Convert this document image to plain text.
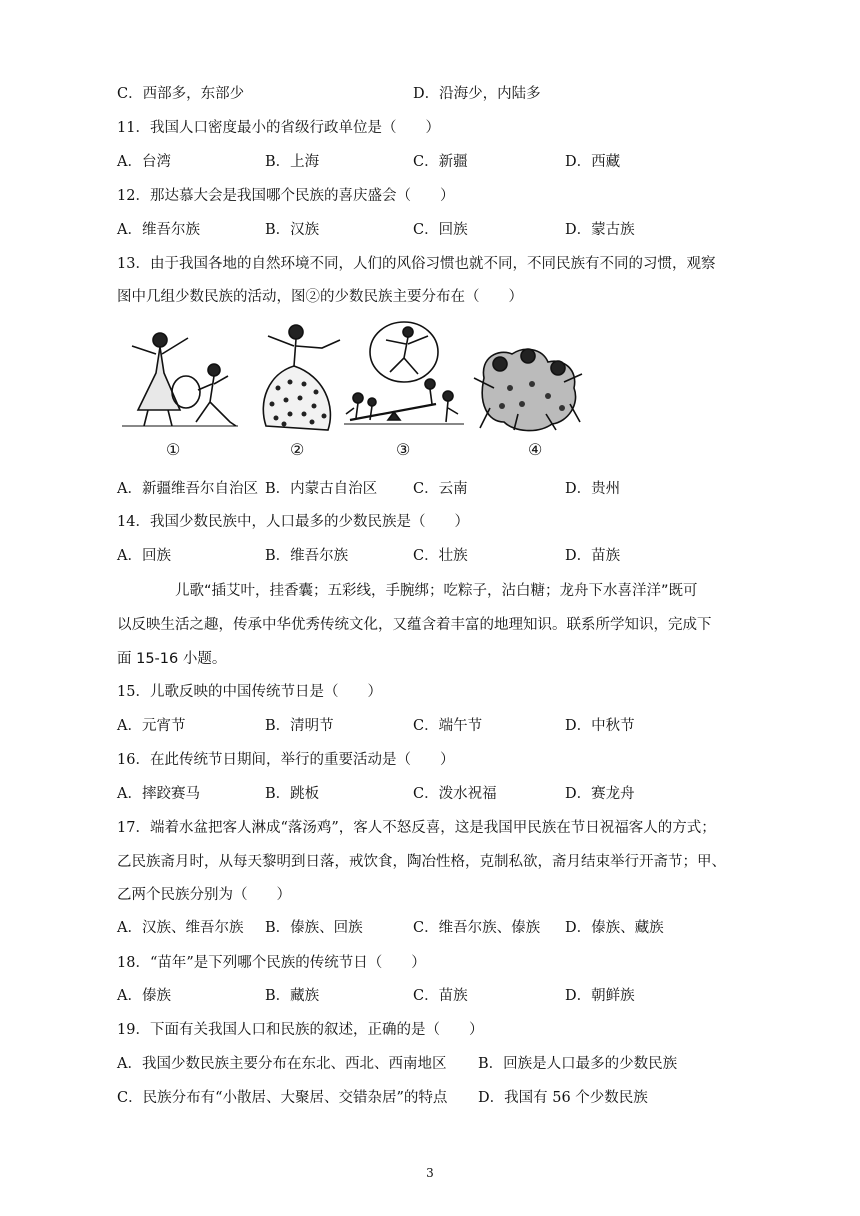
C．西部多，东部少	D．沿海少，内陆多
11．我国人口密度最小的省级行政单位是（　　）
A．台湾	B．上海	C．新疆	D．西藏
12．那达慕大会是我国哪个民族的喜庆盛会（　　）
A．维吾尔族	B．汉族	C．回族	D．蒙古族
13．由于我国各地的自然环境不同，人们的风俗习惯也就不同，不同民族有不同的习惯，观察
图中几组少数民族的活动，图②的少数民族主要分布在（　　）
①	②	③	④
A．新疆维吾尔自治区 B．内蒙古自治区 C．云南	D．贵州
14．我国少数民族中，人口最多的少数民族是（　　）
A．回族	B．维吾尔族	C．壮族	D．苗族
儿歌“插艾叶，挂香囊；五彩线，手腕绑；吃粽子，沾白糖；龙舟下水喜洋洋”既可
以反映生活之趣，传承中华优秀传统文化，又蕴含着丰富的地理知识。联系所学知识，完成下
面 15-16 小题。
15．儿歌反映的中国传统节日是（　　）
A．元宵节	B．清明节	C．端午节	D．中秋节
16．在此传统节日期间，举行的重要活动是（　　）
A．摔跤赛马	B．跳板	C．泼水祝福	D．赛龙舟
17．端着水盆把客人淋成“落汤鸡”，客人不怒反喜，这是我国甲民族在节日祝福客人的方式；
乙民族斋月时，从每天黎明到日落，戒饮食，陶冶性格，克制私欲，斋月结束举行开斋节；甲、
乙两个民族分别为（　　）
A．汉族、维吾尔族 B．傣族、回族	C．维吾尔族、傣族 D．傣族、藏族
18．“苗年”是下列哪个民族的传统节日（　　）
A．傣族	B．藏族	C．苗族	D．朝鲜族
19．下面有关我国人口和民族的叙述，正确的是（　　）
A．我国少数民族主要分布在东北、西北、西南地区 B．回族是人口最多的少数民族
C．民族分布有“小散居、大聚居、交错杂居”的特点 D．我国有 56 个少数民族
3
